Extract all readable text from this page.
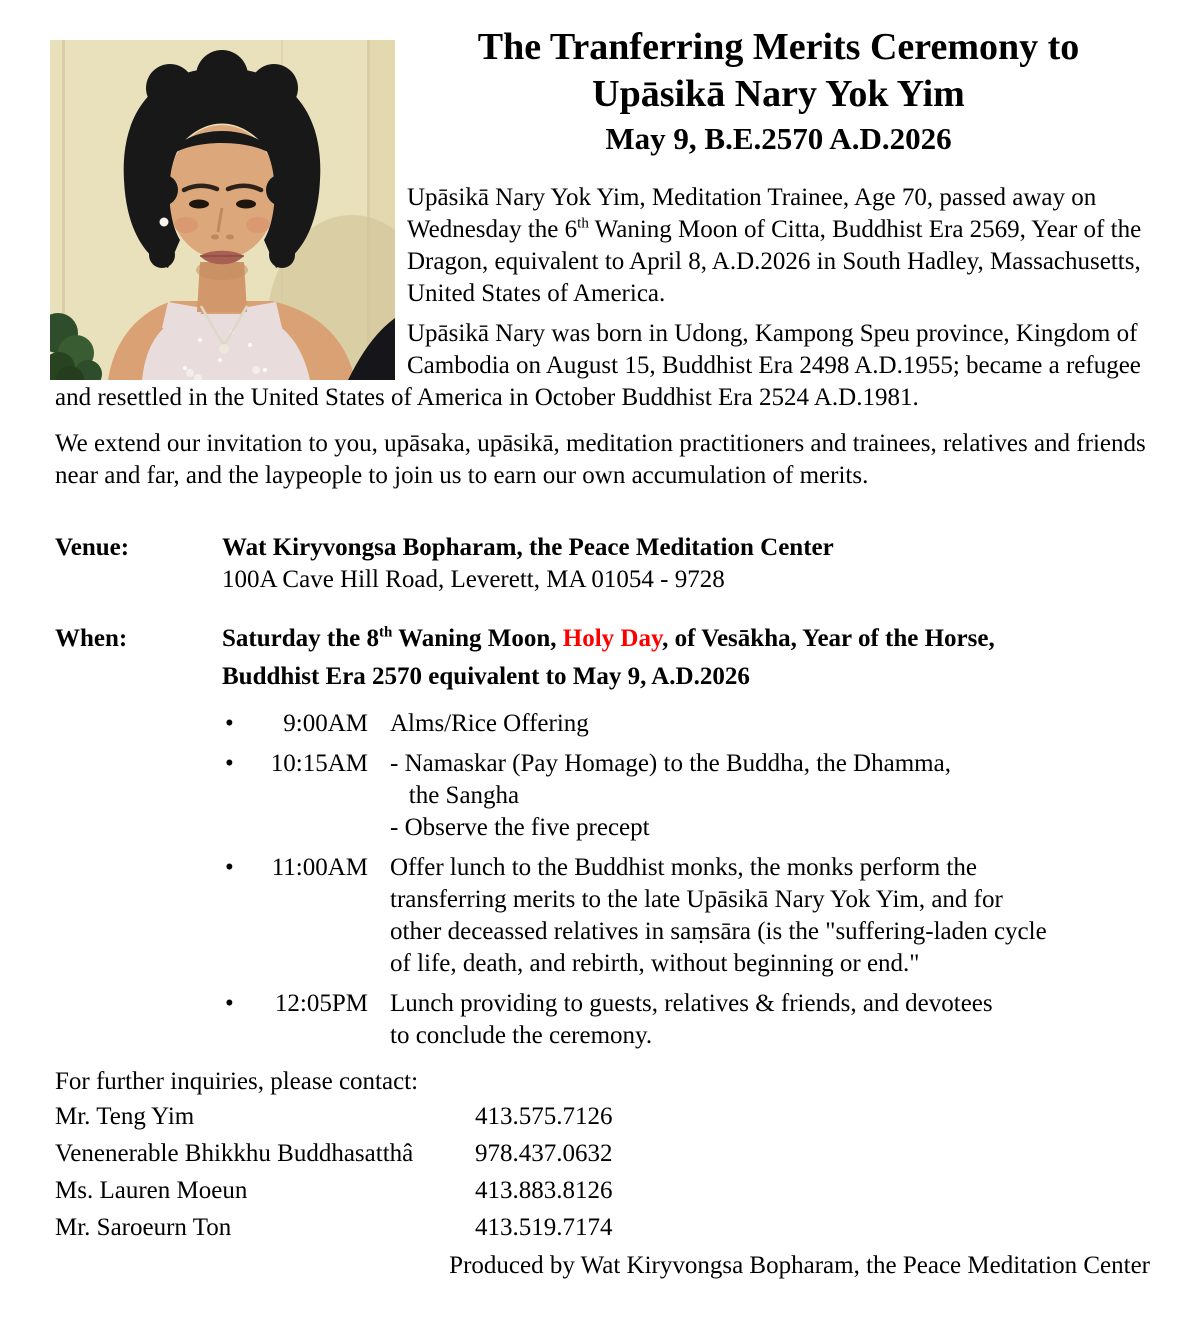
The Tranferring Merits Ceremony to
Upāsikā Nary Yok Yim
May 9, B.E.2570 A.D.2026
Upāsikā Nary Yok Yim, Meditation Trainee, Age 70, passed away on Wednesday the 6th Waning Moon of Citta, Buddhist Era 2569, Year of the Dragon, equivalent to April 8, A.D.2026 in South Hadley, Massachusetts, United States of America.
Upāsikā Nary was born in Udong, Kampong Speu province, Kingdom of Cambodia on August 15, Buddhist Era 2498 A.D.1955; became a refugee and resettled in the United States of America in October Buddhist Era 2524 A.D.1981.
We extend our invitation to you, upāsaka, upāsikā, meditation practitioners and trainees, relatives and friends near and far, and the laypeople to join us to earn our own accumulation of merits.
Venue:	Wat Kiryvongsa Bopharam, the Peace Meditation Center
100A Cave Hill Road, Leverett, MA 01054 - 9728
When:	Saturday the 8th Waning Moon, Holy Day, of Vesākha, Year of the Horse,
Buddhist Era 2570 equivalent to May 9, A.D.2026
•	9:00AM Alms/Rice Offering
•	10:15AM - Namaskar (Pay Homage) to the Buddha, the Dhamma,
the Sangha
- Observe the five precept
•	11:00AM Offer lunch to the Buddhist monks, the monks perform the
transferring merits to the late Upāsikā Nary Yok Yim, and for
other deceassed relatives in saṃsāra (is the "suffering-laden cycle
of life, death, and rebirth, without beginning or end."
•	12:05PM Lunch providing to guests, relatives & friends, and devotees
to conclude the ceremony.
For further inquiries, please contact:
Mr. Teng Yim	413.575.7126
Venenerable Bhikkhu Buddhasatthâ	978.437.0632
Ms. Lauren Moeun	413.883.8126
Mr. Saroeurn Ton	413.519.7174
Produced by Wat Kiryvongsa Bopharam, the Peace Meditation Center
